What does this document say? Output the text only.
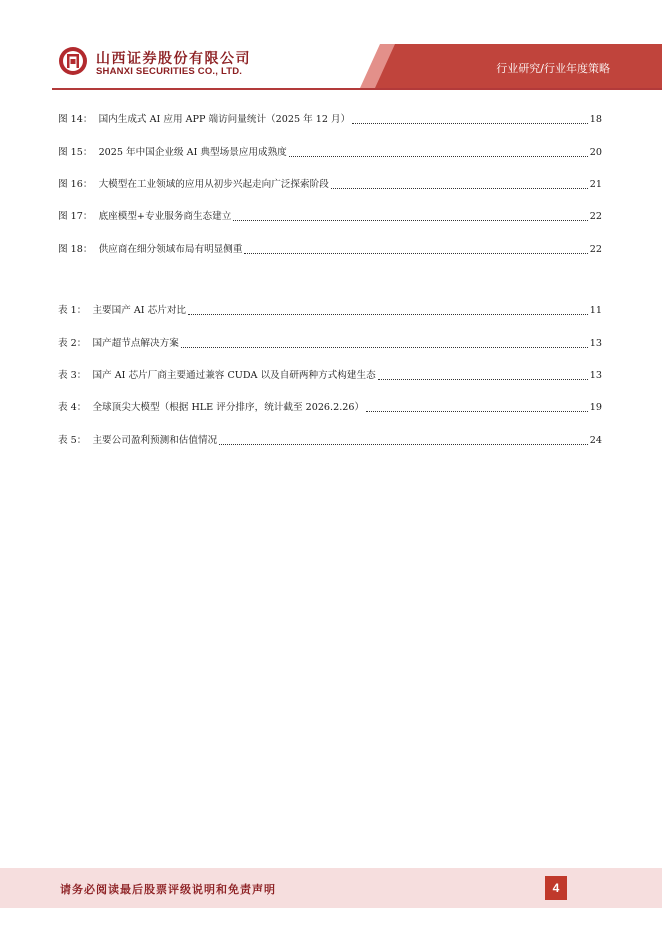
山西证券股份有限公司
SHANXI SECURITIES CO., LTD.	行业研究/行业年度策略
图 14： 国内生成式 AI 应用 APP 端访问量统计（2025 年 12 月）	18
图 15： 2025 年中国企业级 AI 典型场景应用成熟度	20
图 16： 大模型在工业领域的应用从初步兴起走向广泛探索阶段	21
图 17： 底座模型+专业服务商生态建立	22
图 18： 供应商在细分领域布局有明显侧重	22
表 1： 主要国产 AI 芯片对比	11
表 2： 国产超节点解决方案	13
表 3： 国产 AI 芯片厂商主要通过兼容 CUDA 以及自研两种方式构建生态	13
表 4： 全球顶尖大模型（根据 HLE 评分排序，统计截至 2026.2.26）	19
表 5： 主要公司盈利预测和估值情况	24
请务必阅读最后股票评级说明和免责声明	4
